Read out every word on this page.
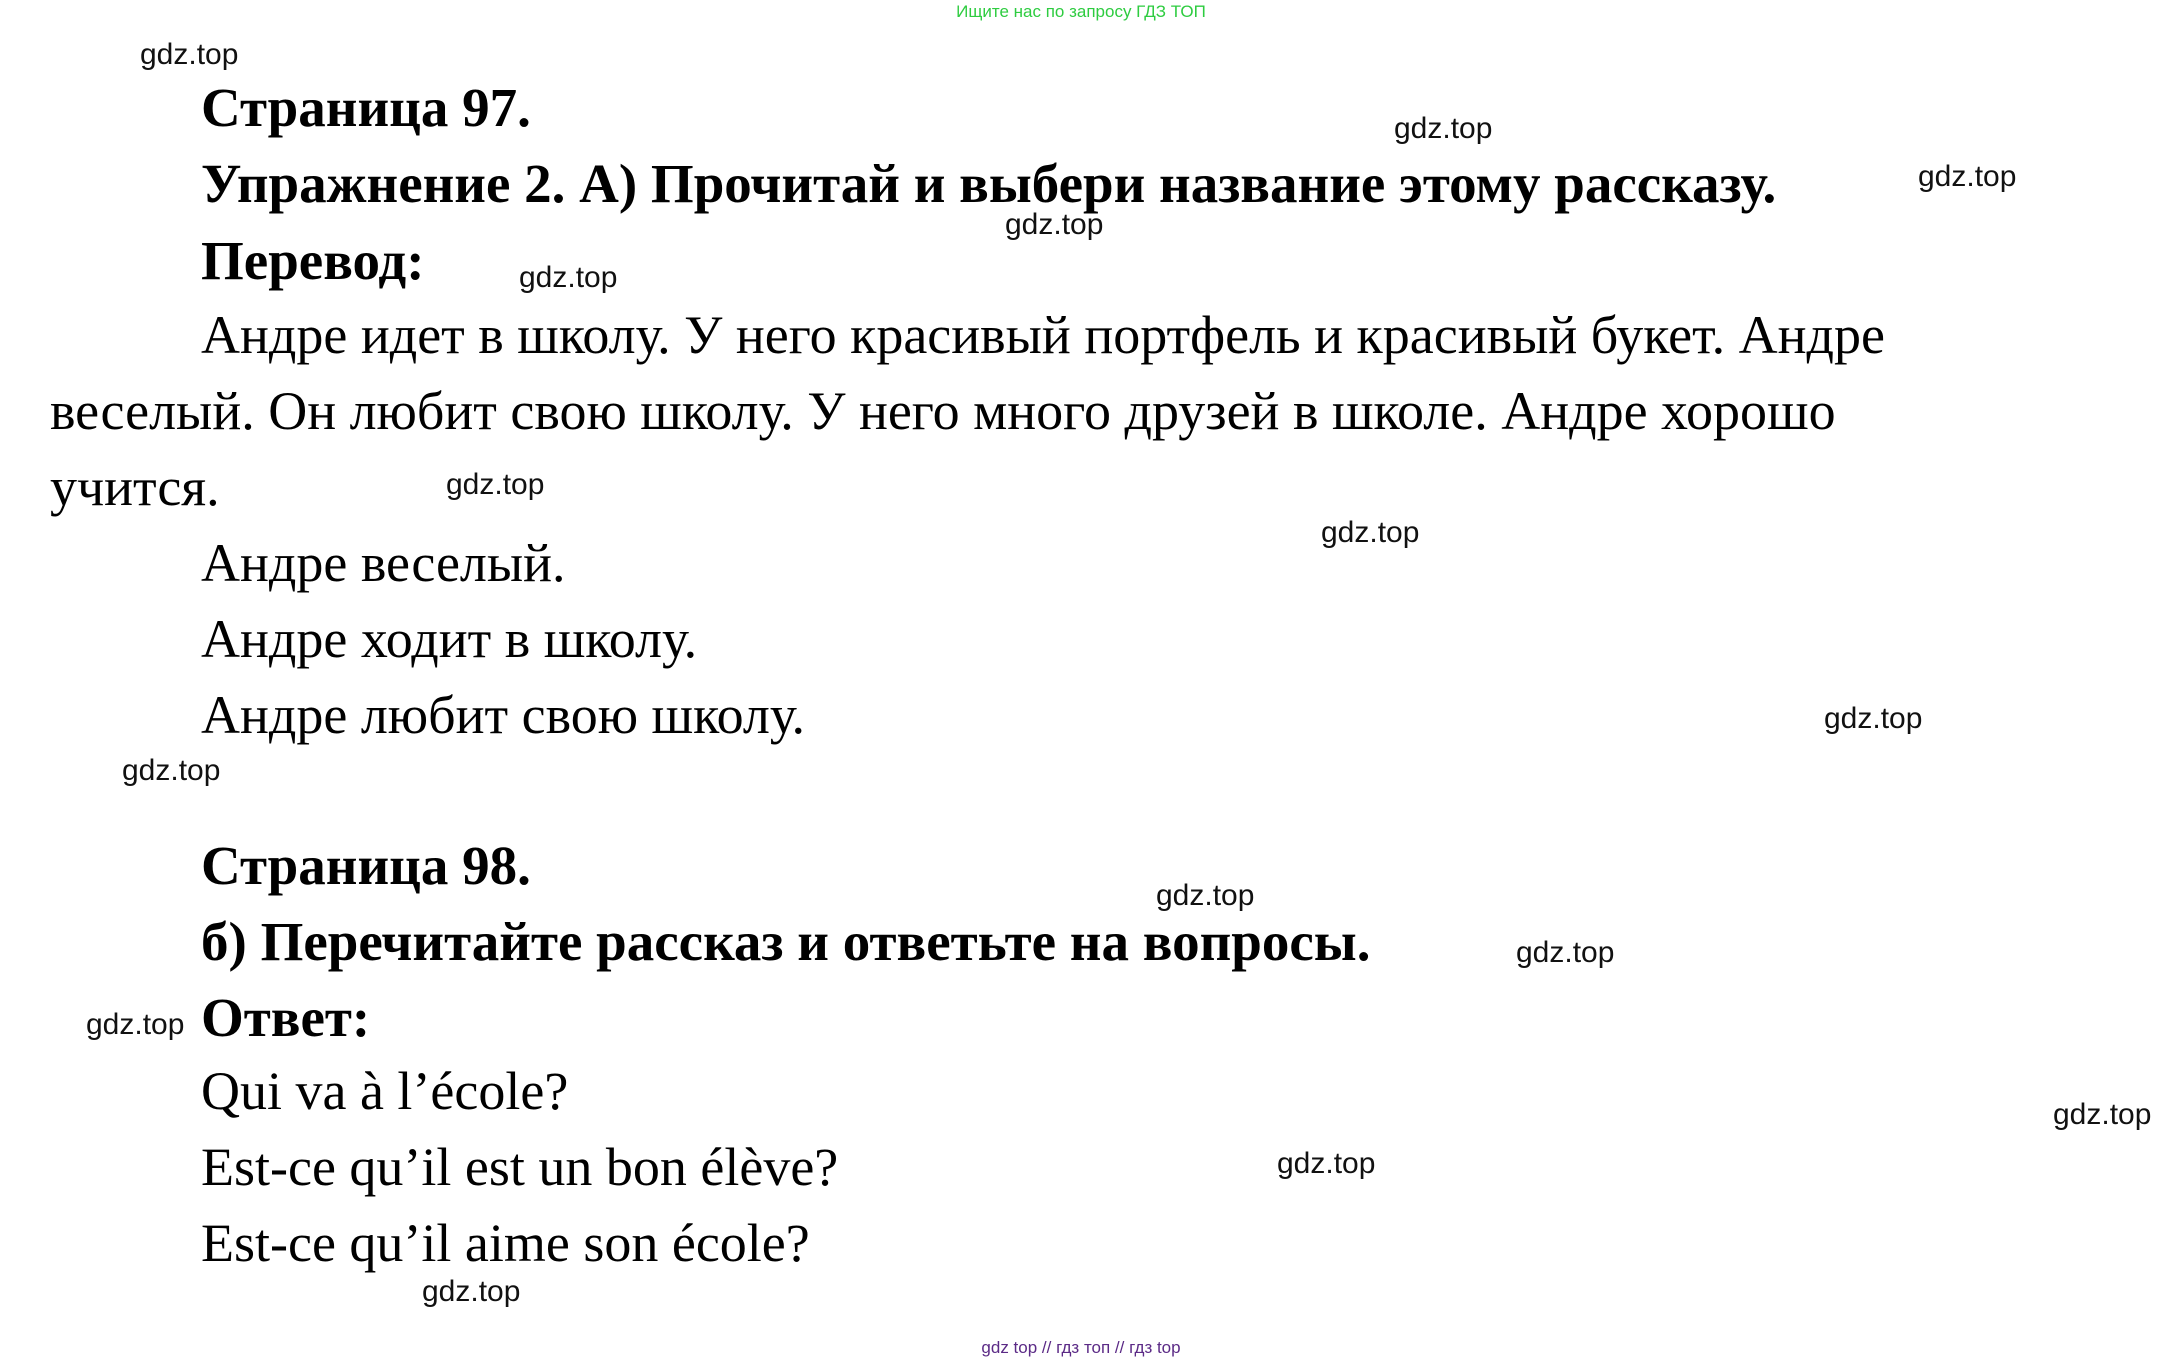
Ищите нас по запросу ГДЗ ТОП
Страница 97.
Упражнение 2. А) Прочитай и выбери название этому рассказу.
Перевод:
Андре идет в школу. У него красивый портфель и красивый букет. Андре
веселый. Он любит свою школу. У него много друзей в школе. Андре хорошо
учится.
Андре веселый.
Андре ходит в школу.
Андре любит свою школу.
Страница 98.
б) Перечитайте рассказ и ответьте на вопросы.
Ответ:
Qui va à l’école?
Est-ce qu’il est un bon élève?
Est-ce qu’il aime son école?
gdz.top
gdz.top
gdz.top
gdz.top
gdz.top
gdz.top
gdz.top
gdz.top
gdz.top
gdz.top
gdz.top
gdz.top
gdz.top
gdz.top
gdz.top
gdz top // гдз топ // гдз top
